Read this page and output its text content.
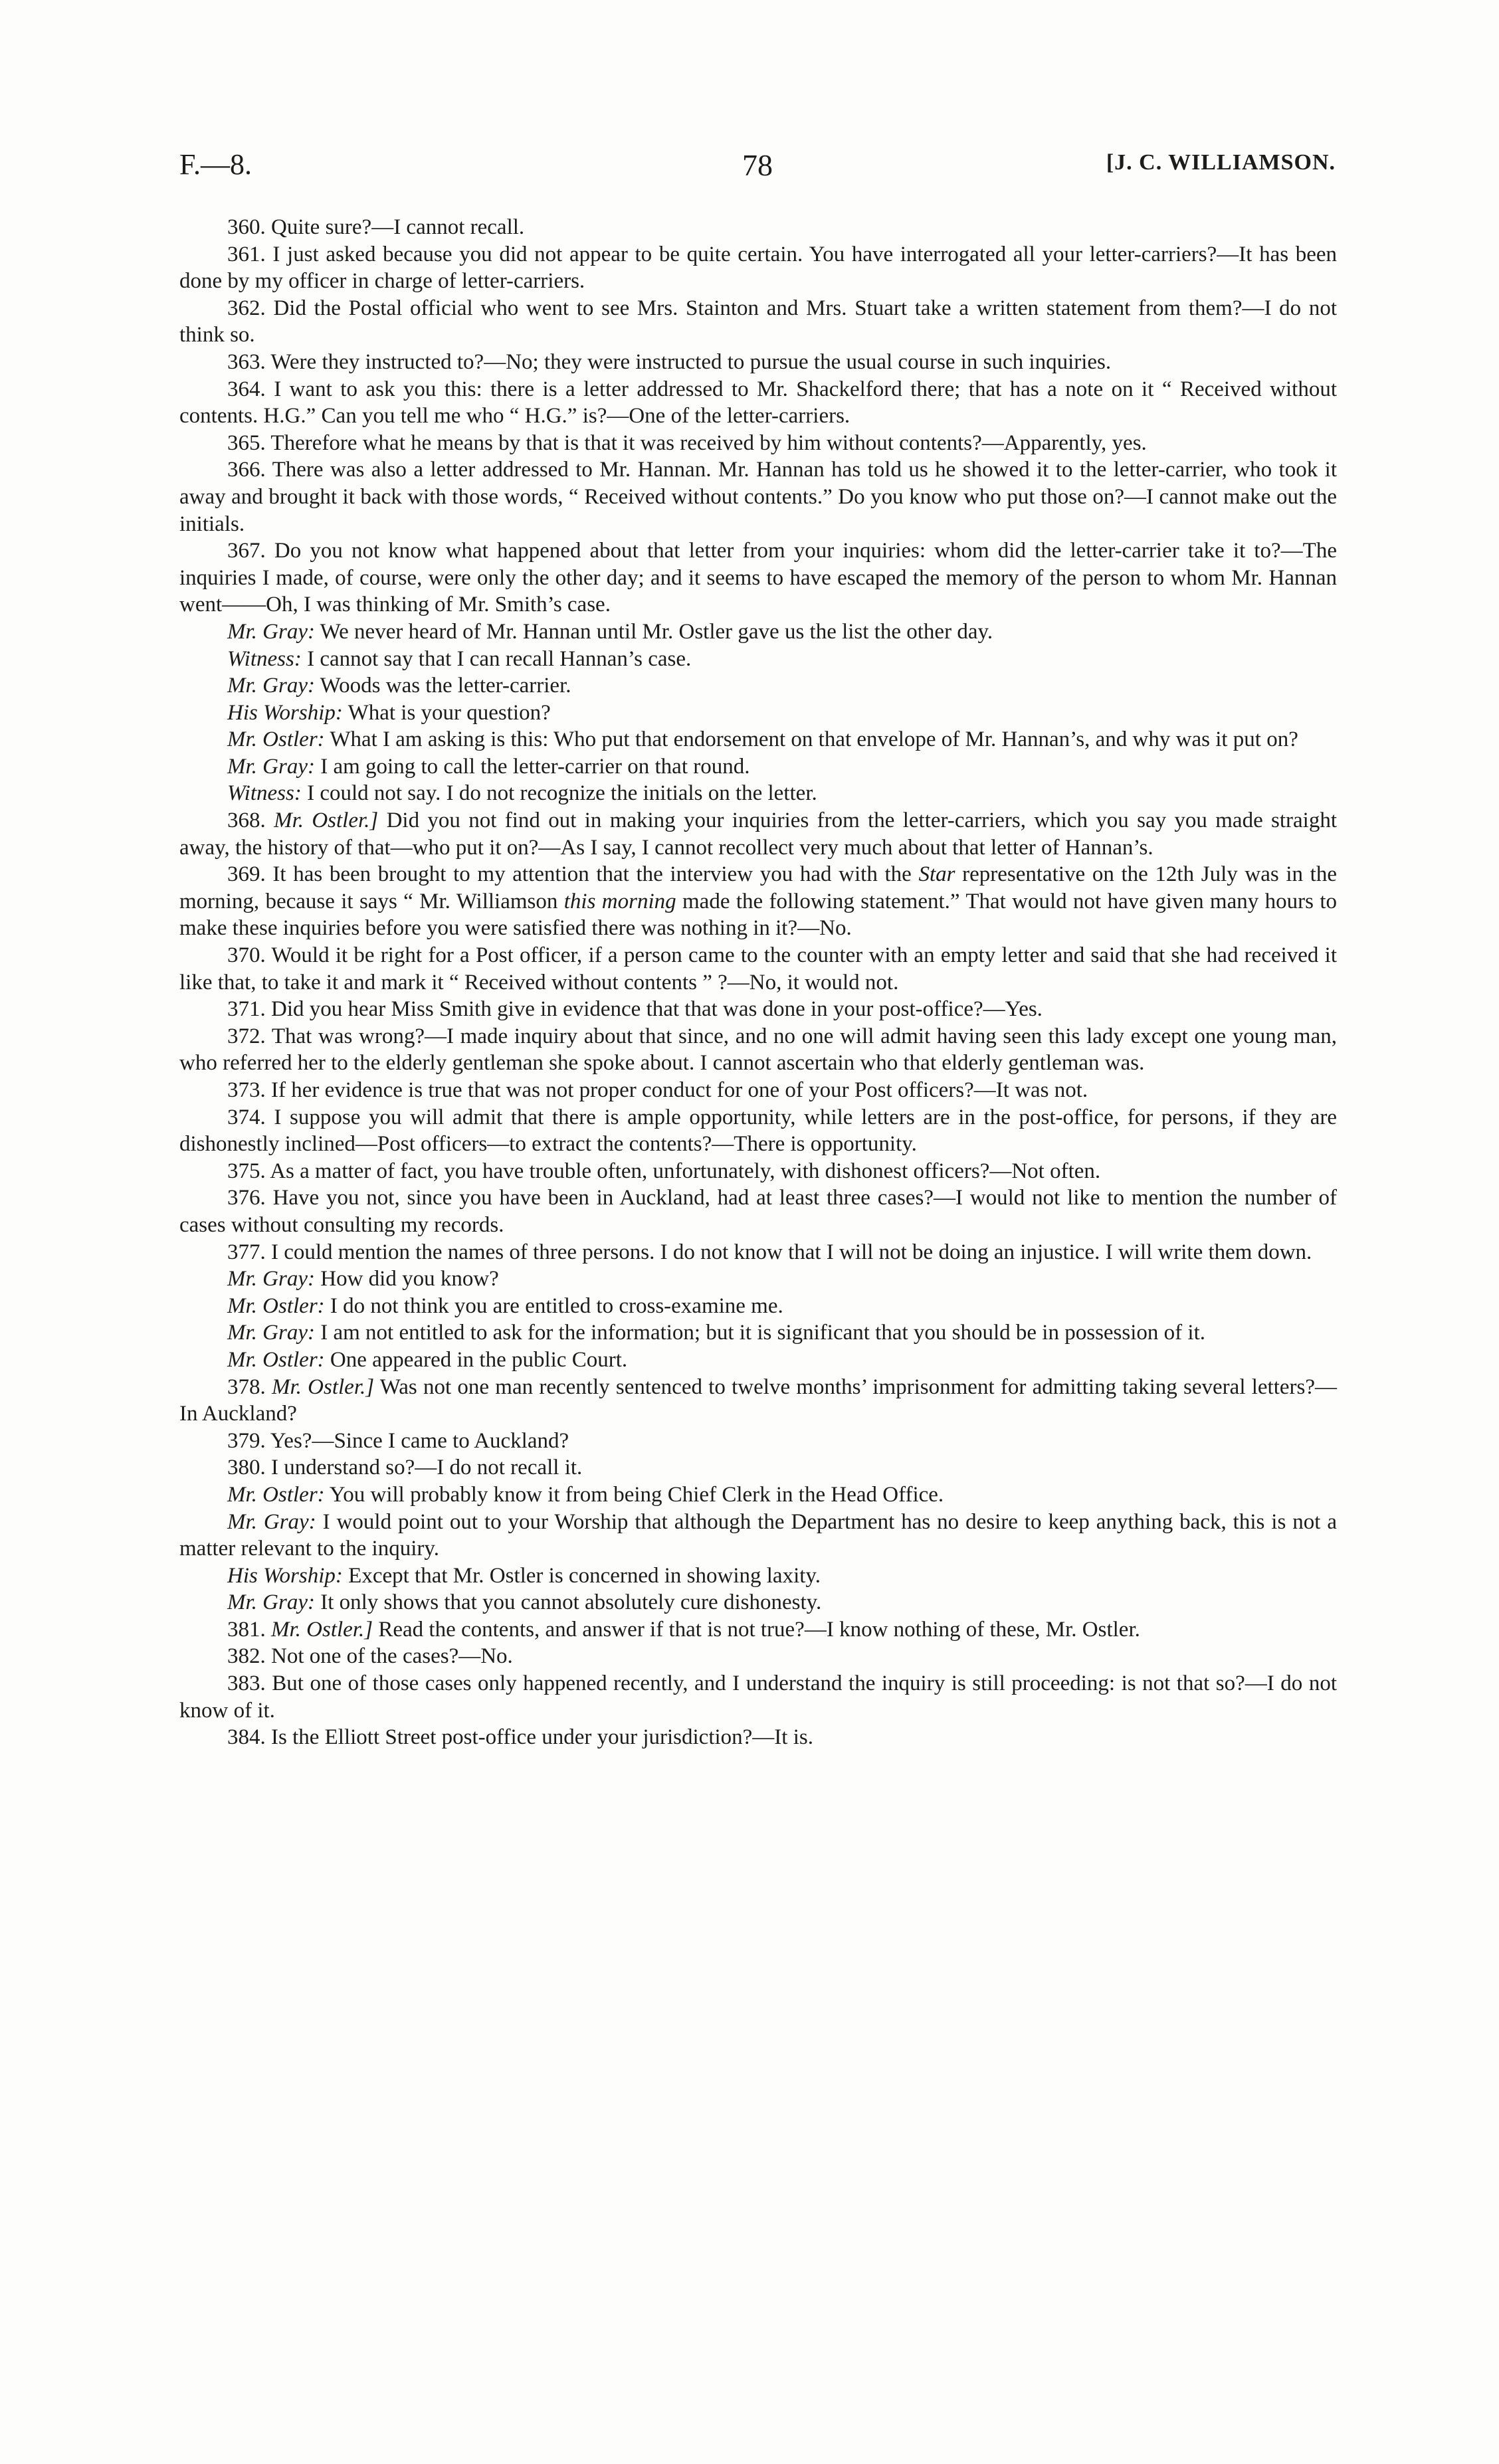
F.—8.	78	[J. C. WILLIAMSON.

360. Quite sure?—I cannot recall.

361. I just asked because you did not appear to be quite certain. You have interrogated all your letter-carriers?—It has been done by my officer in charge of letter-carriers.

362. Did the Postal official who went to see Mrs. Stainton and Mrs. Stuart take a written statement from them?—I do not think so.

363. Were they instructed to?—No; they were instructed to pursue the usual course in such inquiries.

364. I want to ask you this: there is a letter addressed to Mr. Shackelford there; that has a note on it “ Received without contents. H.G.” Can you tell me who “ H.G.” is?—One of the letter-carriers.

365. Therefore what he means by that is that it was received by him without contents?—Apparently, yes.

366. There was also a letter addressed to Mr. Hannan. Mr. Hannan has told us he showed it to the letter-carrier, who took it away and brought it back with those words, “ Received without contents.” Do you know who put those on?—I cannot make out the initials.

367. Do you not know what happened about that letter from your inquiries: whom did the letter-carrier take it to?—The inquiries I made, of course, were only the other day; and it seems to have escaped the memory of the person to whom Mr. Hannan went——Oh, I was thinking of Mr. Smith’s case.

Mr. Gray: We never heard of Mr. Hannan until Mr. Ostler gave us the list the other day.

Witness: I cannot say that I can recall Hannan’s case.

Mr. Gray: Woods was the letter-carrier.

His Worship: What is your question?

Mr. Ostler: What I am asking is this: Who put that endorsement on that envelope of Mr. Hannan’s, and why was it put on?

Mr. Gray: I am going to call the letter-carrier on that round.

Witness: I could not say. I do not recognize the initials on the letter.

368. Mr. Ostler.] Did you not find out in making your inquiries from the letter-carriers, which you say you made straight away, the history of that—who put it on?—As I say, I cannot recollect very much about that letter of Hannan’s.

369. It has been brought to my attention that the interview you had with the Star representative on the 12th July was in the morning, because it says “ Mr. Williamson this morning made the following statement.” That would not have given many hours to make these inquiries before you were satisfied there was nothing in it?—No.

370. Would it be right for a Post officer, if a person came to the counter with an empty letter and said that she had received it like that, to take it and mark it “ Received without contents ” ?—No, it would not.

371. Did you hear Miss Smith give in evidence that that was done in your post-office?—Yes.

372. That was wrong?—I made inquiry about that since, and no one will admit having seen this lady except one young man, who referred her to the elderly gentleman she spoke about. I cannot ascertain who that elderly gentleman was.

373. If her evidence is true that was not proper conduct for one of your Post officers?—It was not.

374. I suppose you will admit that there is ample opportunity, while letters are in the post-office, for persons, if they are dishonestly inclined—Post officers—to extract the contents?—There is opportunity.

375. As a matter of fact, you have trouble often, unfortunately, with dishonest officers?—Not often.

376. Have you not, since you have been in Auckland, had at least three cases?—I would not like to mention the number of cases without consulting my records.

377. I could mention the names of three persons. I do not know that I will not be doing an injustice. I will write them down.

Mr. Gray: How did you know?

Mr. Ostler: I do not think you are entitled to cross-examine me.

Mr. Gray: I am not entitled to ask for the information; but it is significant that you should be in possession of it.

Mr. Ostler: One appeared in the public Court.

378. Mr. Ostler.] Was not one man recently sentenced to twelve months’ imprisonment for admitting taking several letters?—In Auckland?

379. Yes?—Since I came to Auckland?

380. I understand so?—I do not recall it.

Mr. Ostler: You will probably know it from being Chief Clerk in the Head Office.

Mr. Gray: I would point out to your Worship that although the Department has no desire to keep anything back, this is not a matter relevant to the inquiry.

His Worship: Except that Mr. Ostler is concerned in showing laxity.

Mr. Gray: It only shows that you cannot absolutely cure dishonesty.

381. Mr. Ostler.] Read the contents, and answer if that is not true?—I know nothing of these, Mr. Ostler.

382. Not one of the cases?—No.

383. But one of those cases only happened recently, and I understand the inquiry is still proceeding: is not that so?—I do not know of it.

384. Is the Elliott Street post-office under your jurisdiction?—It is.
